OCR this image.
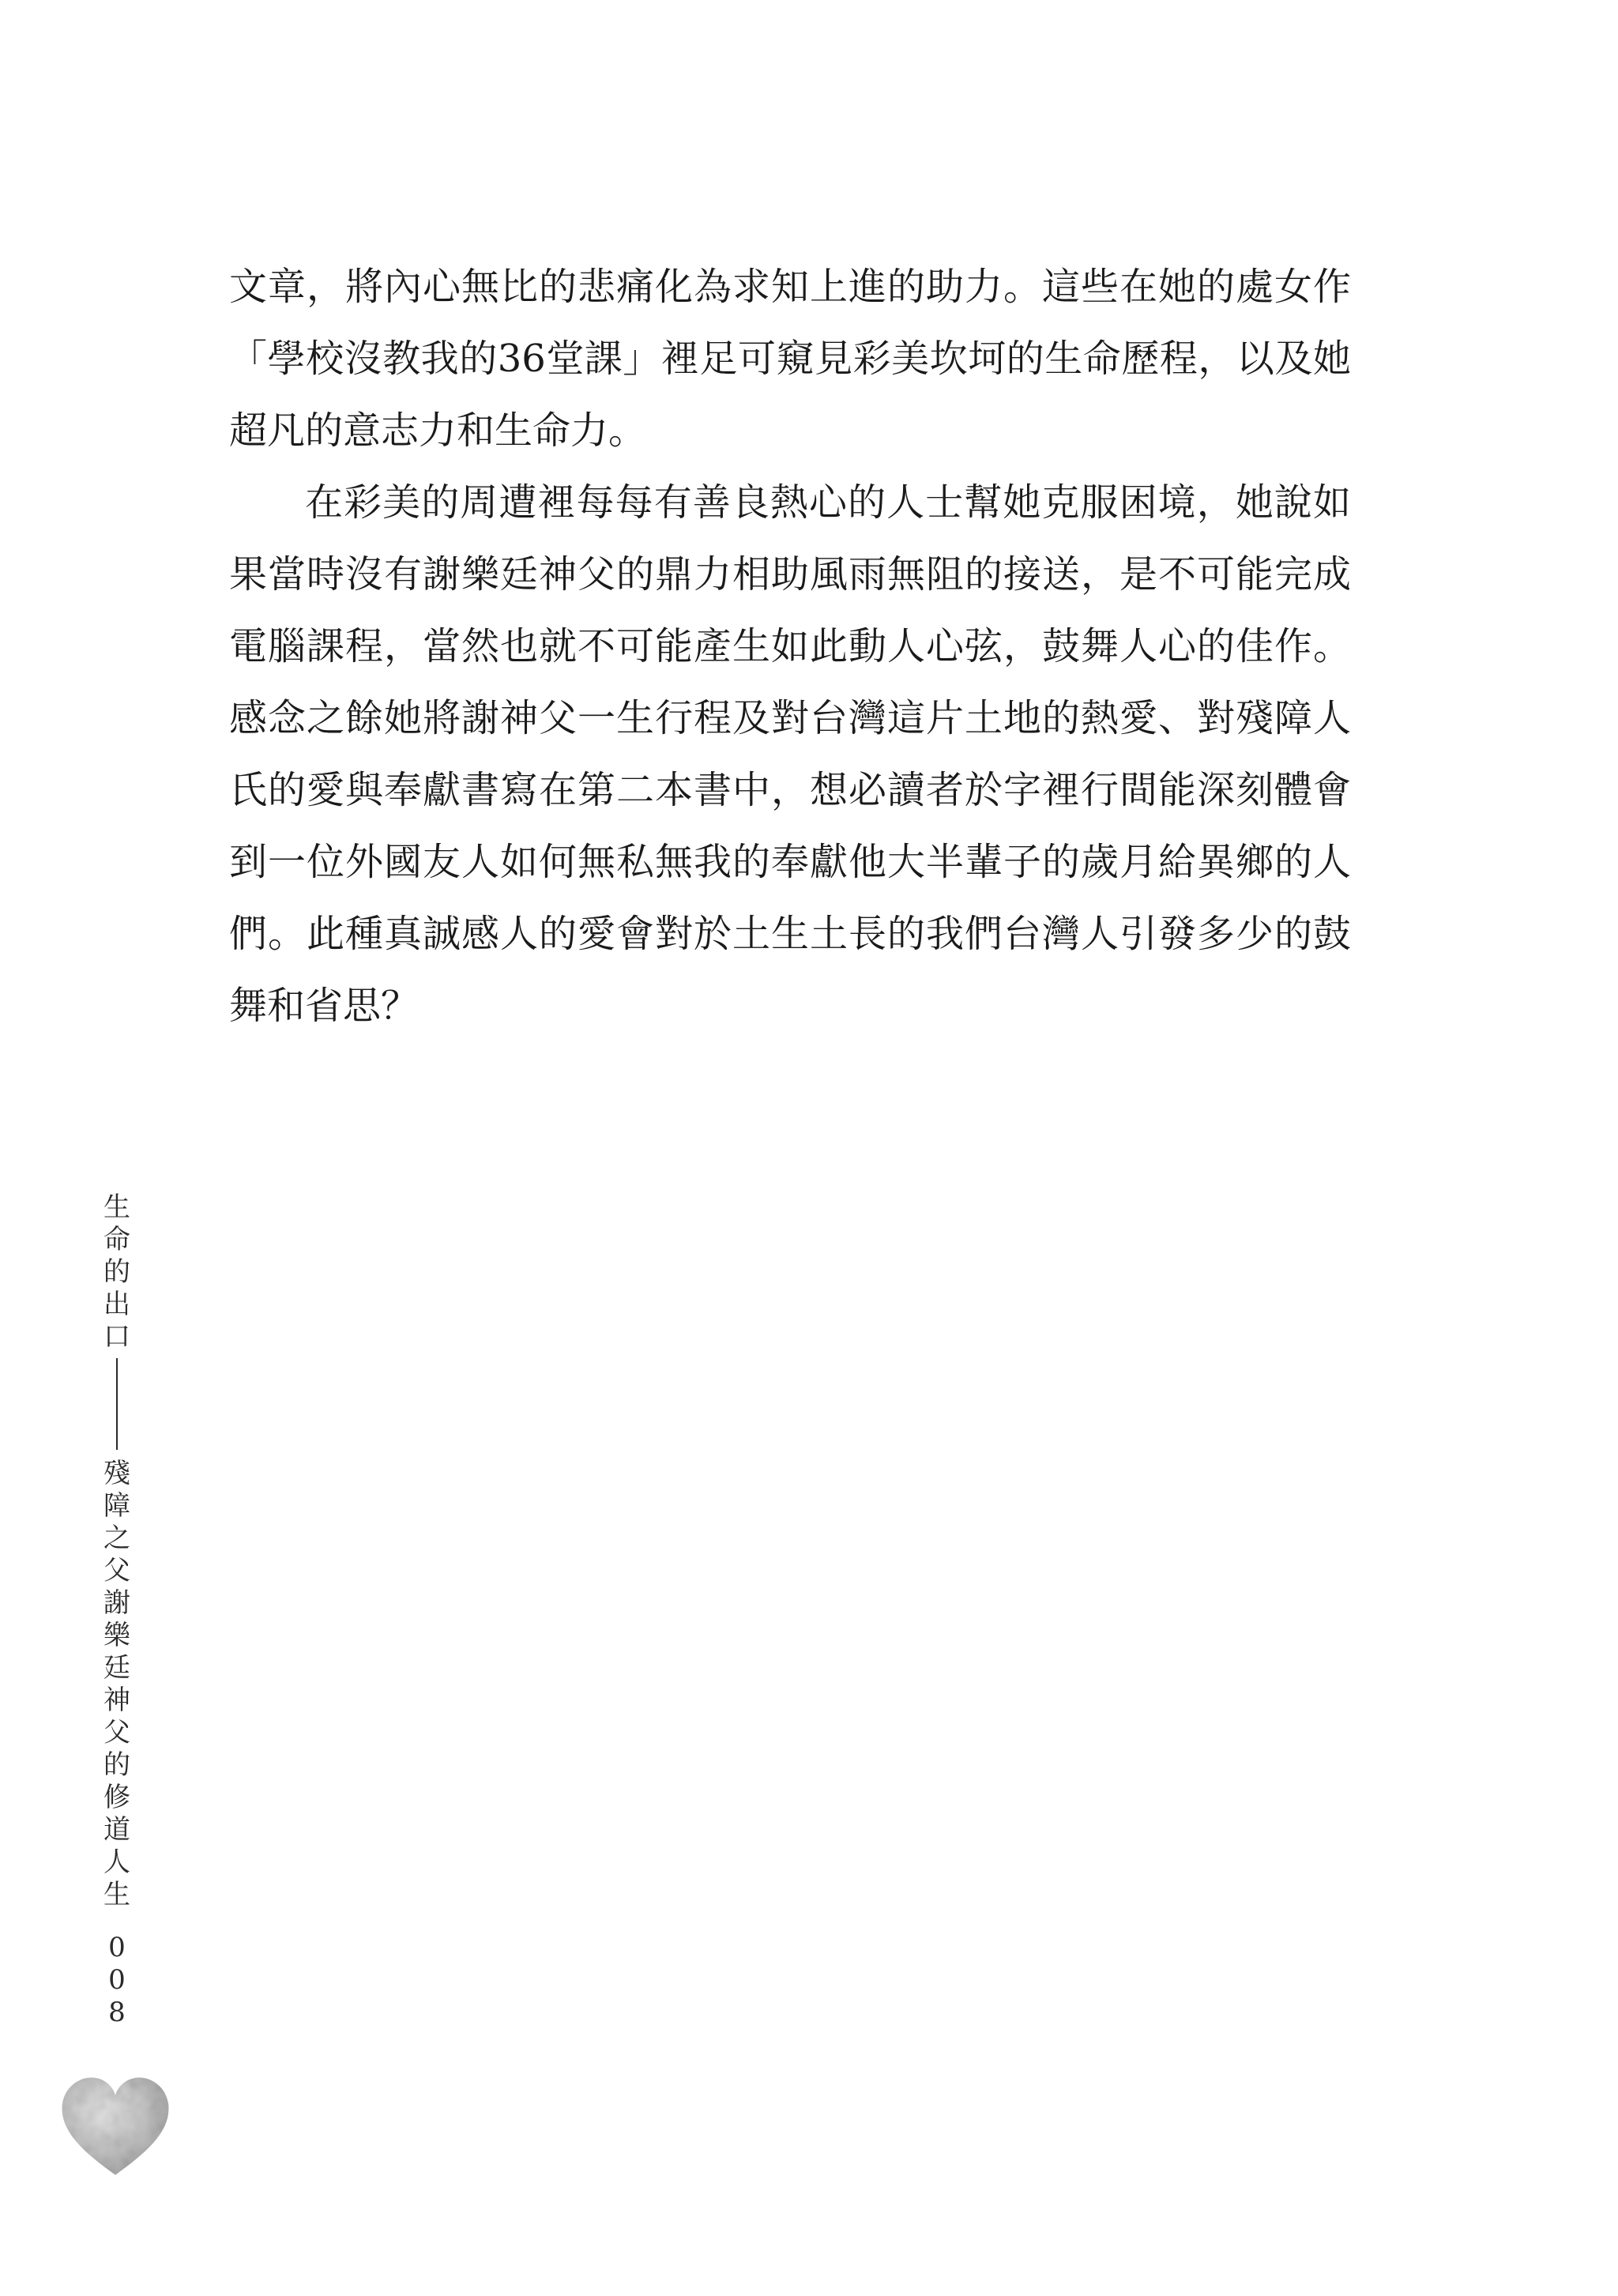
文章，將內心無比的悲痛化為求知上進的助力。這些在她的處女作「學校沒教我的36堂課」裡足可窺見彩美坎坷的生命歷程，以及她超凡的意志力和生命力。

在彩美的周遭裡每每有善良熱心的人士幫她克服困境，她說如果當時沒有謝樂廷神父的鼎力相助風雨無阻的接送，是不可能完成電腦課程，當然也就不可能產生如此動人心弦，鼓舞人心的佳作。感念之餘她將謝神父一生行程及對台灣這片土地的熱愛、對殘障人氏的愛與奉獻書寫在第二本書中，想必讀者於字裡行間能深刻體會到一位外國友人如何無私無我的奉獻他大半輩子的歲月給異鄉的人們。此種真誠感人的愛會對於土生土長的我們台灣人引發多少的鼓舞和省思？

生
命
的
出
口
殘
障
之
父
謝
樂
廷
神
父
的
修
道
人
生
0
0
8
